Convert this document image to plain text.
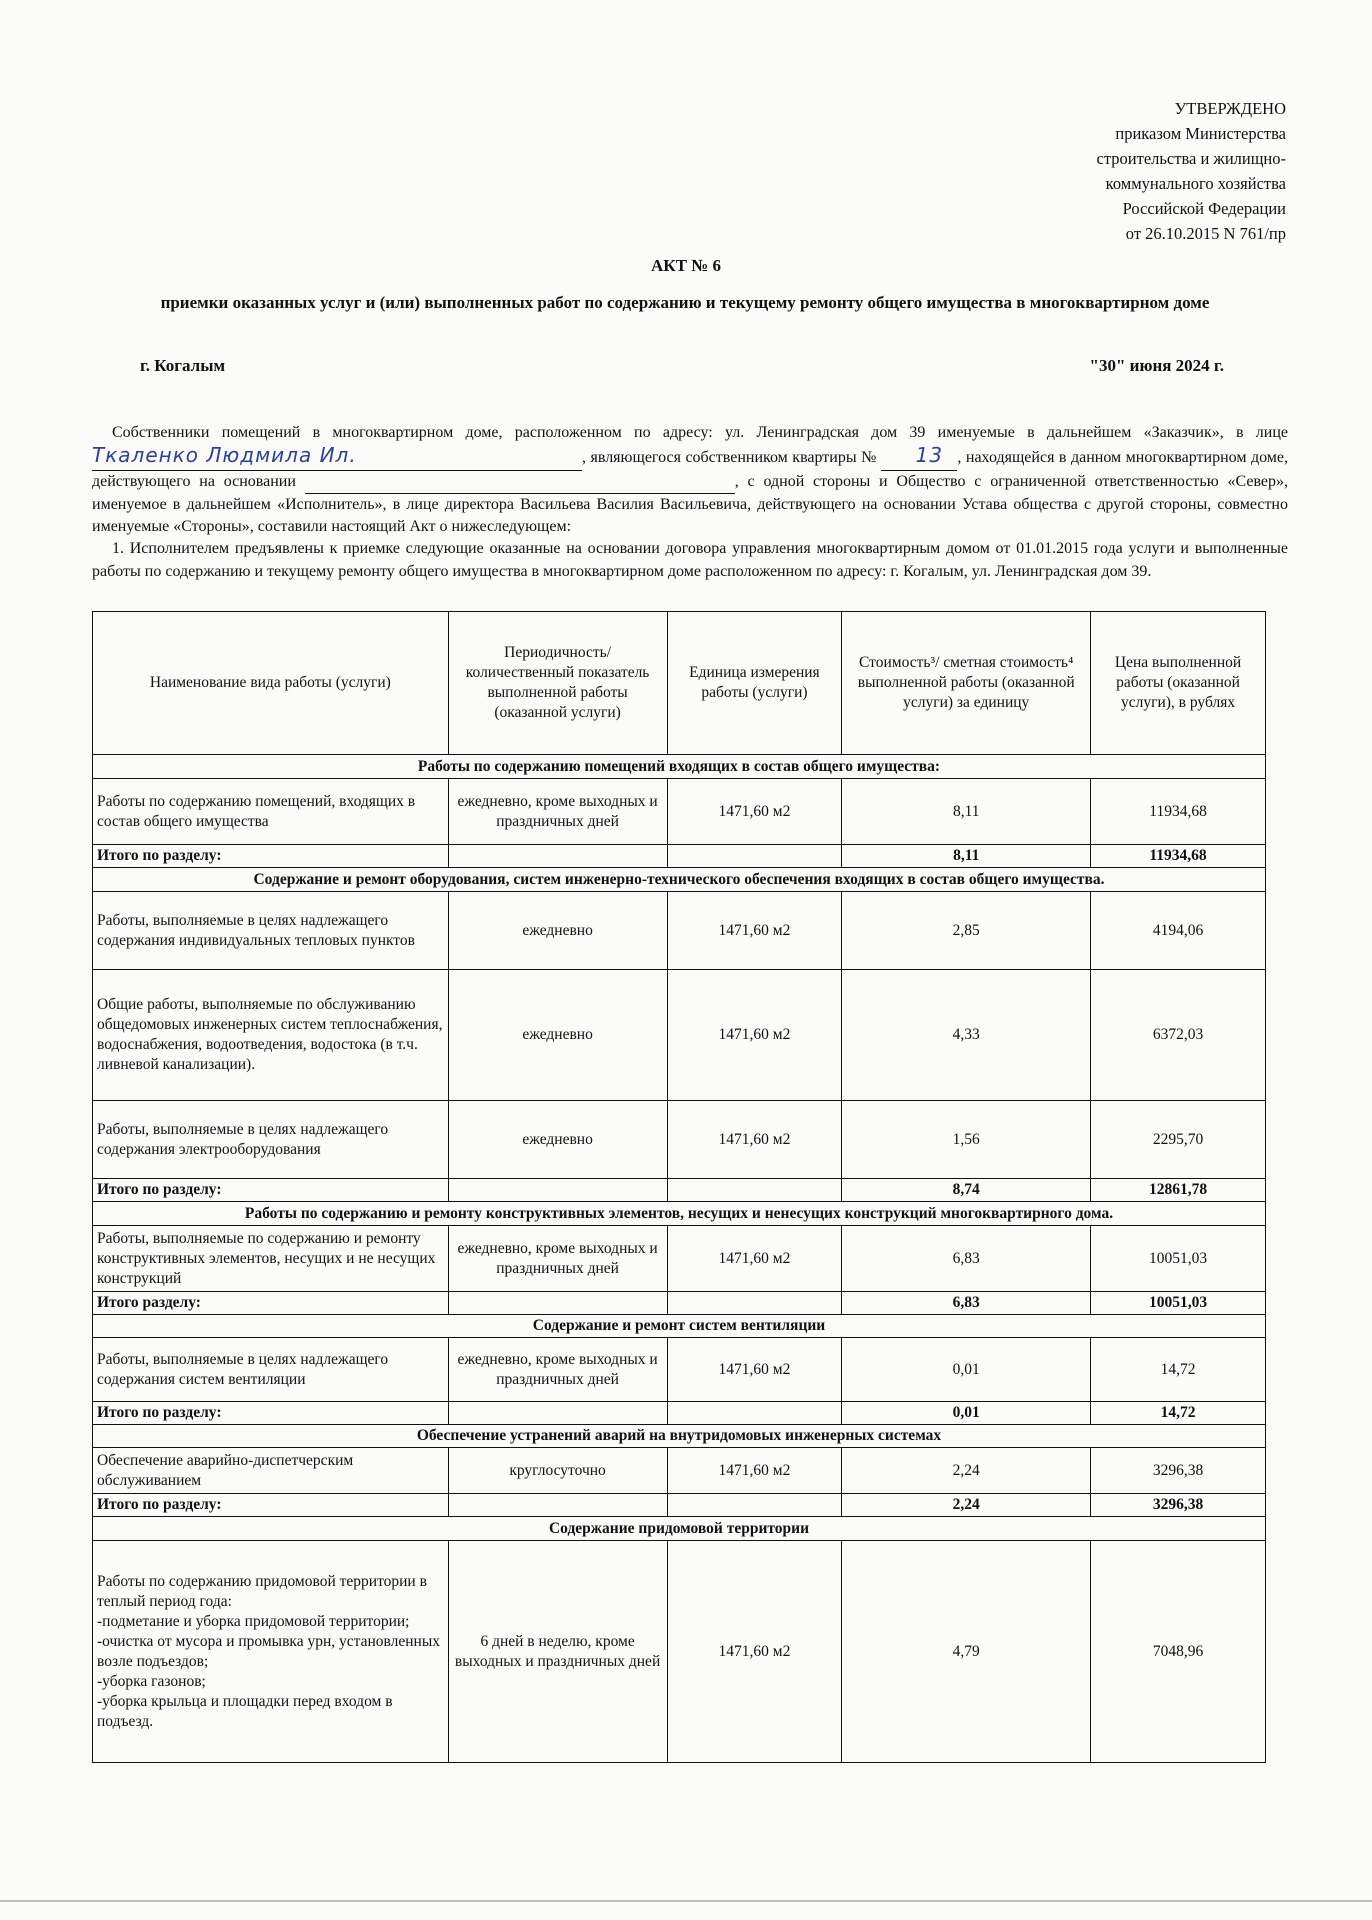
УТВЕРЖДЕНО
приказом Министерства
строительства и жилищно-
коммунального хозяйства
Российской Федерации
от 26.10.2015 N 761/пр
АКТ № 6
приемки оказанных услуг и (или) выполненных работ по содержанию и текущему ремонту общего имущества в многоквартирном доме
г. Когалым	"30" июня 2024 г.

Собственники помещений в многоквартирном доме, расположенном по адресу: ул. Ленинградская дом 39 именуемые в дальнейшем «Заказчик», в лице Ткаленко Людмила Ил.	, являющегося собственником квартиры № 13 , находящейся в данном многоквартирном доме, действующего на основании	, с одной стороны и Общество с ограниченной ответственностью «Север», именуемое в дальнейшем «Исполнитель», в лице директора Васильева Василия Васильевича, действующего на основании Устава общества с другой стороны, совместно именуемые «Стороны», составили настоящий Акт о нижеследующем:

1. Исполнителем предъявлены к приемке следующие оказанные на основании договора управления многоквартирным домом от 01.01.2015 года услуги и выполненные работы по содержанию и текущему ремонту общего имущества в многоквартирном доме расположенном по адресу: г. Когалым, ул. Ленинградская дом 39.

Наименование вида работы (услуги)	Периодичность/ количественный показатель выполненной работы (оказанной услуги)	Единица измерения работы (услуги)	Стоимость³/ сметная стоимость⁴ выполненной работы (оказанной услуги) за единицу	Цена выполненной работы (оказанной услуги), в рублях
Работы по содержанию помещений входящих в состав общего имущества:				
Работы по содержанию помещений, входящих в состав общего имущества	ежедневно, кроме выходных и праздничных дней	1471,60 м2	8,11	11934,68
Итого по разделу:			8,11	11934,68
Содержание и ремонт оборудования, систем инженерно-технического обеспечения входящих в состав общего имущества.				
Работы, выполняемые в целях надлежащего содержания индивидуальных тепловых пунктов	ежедневно	1471,60 м2	2,85	4194,06
Общие работы, выполняемые по обслуживанию общедомовых инженерных систем теплоснабжения, водоснабжения, водоотведения, водостока (в т.ч. ливневой канализации).	ежедневно	1471,60 м2	4,33	6372,03
Работы, выполняемые в целях надлежащего содержания электрооборудования	ежедневно	1471,60 м2	1,56	2295,70
Итого по разделу:			8,74	12861,78
Работы по содержанию и ремонту конструктивных элементов, несущих и ненесущих конструкций многоквартирного дома.				
Работы, выполняемые по содержанию и ремонту конструктивных элементов, несущих и не несущих конструкций	ежедневно, кроме выходных и праздничных дней	1471,60 м2	6,83	10051,03
Итого разделу:			6,83	10051,03
Содержание и ремонт систем вентиляции				
Работы, выполняемые в целях надлежащего содержания систем вентиляции	ежедневно, кроме выходных и праздничных дней	1471,60 м2	0,01	14,72
Итого по разделу:			0,01	14,72
Обеспечение устранений аварий на внутридомовых инженерных системах				
Обеспечение аварийно-диспетчерским обслуживанием	круглосуточно	1471,60 м2	2,24	3296,38
Итого по разделу:			2,24	3296,38
Содержание придомовой территории				

Работы по содержанию придомовой территории в теплый период года:
-подметание и уборка придомовой территории;
-очистка от мусора и промывка урн, установленных возле подъездов;
-уборка газонов;
-уборка крыльца и площадки перед входом в подъезд.	6 дней в неделю, кроме выходных и праздничных дней	1471,60 м2	4,79	7048,96
